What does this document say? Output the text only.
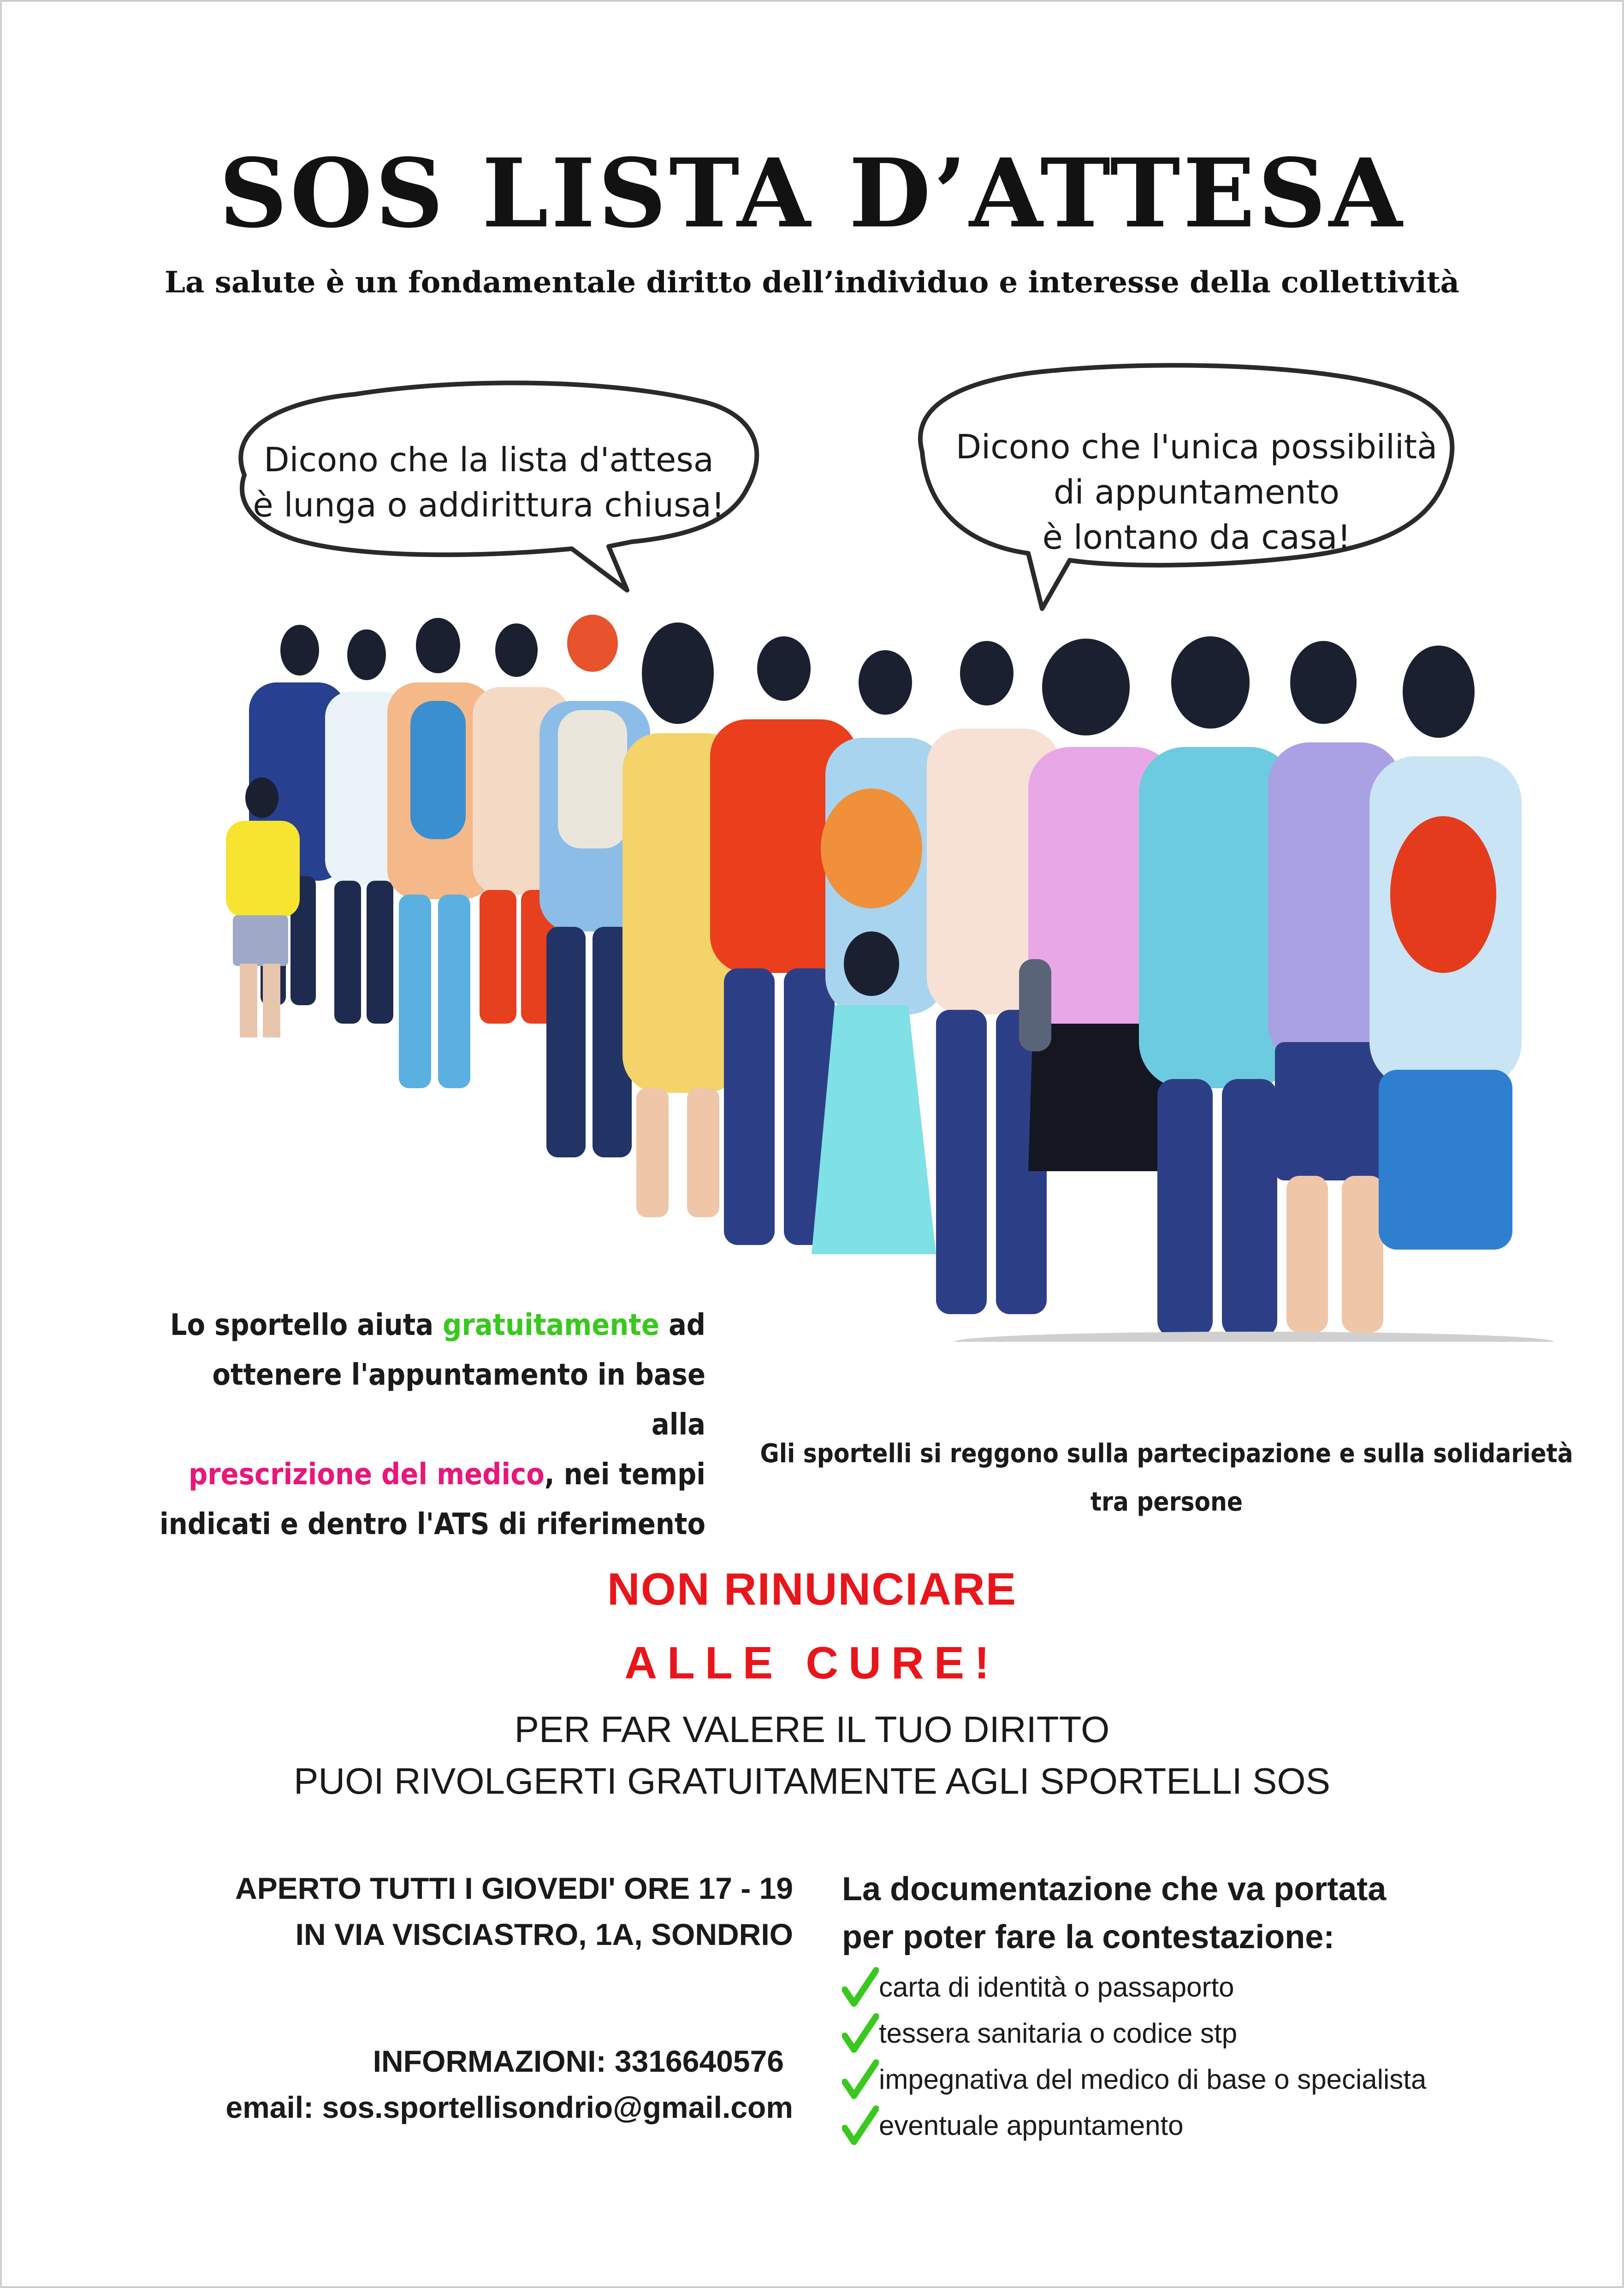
SOS LISTA D’ATTESA
La salute è un fondamentale diritto dell’individuo e interesse della collettività
Dicono che la lista d'attesa
è lunga o addirittura chiusa!
Dicono che l'unica possibilità
di appuntamento
è lontano da casa!
Lo sportello aiuta gratuitamente ad
ottenere l'appuntamento in base alla
prescrizione del medico, nei tempi
indicati e dentro l'ATS di riferimento
Gli sportelli si reggono sulla partecipazione e sulla solidarietà
tra persone
NON RINUNCIARE
ALLE CURE!
PER FAR VALERE IL TUO DIRITTO
PUOI RIVOLGERTI GRATUITAMENTE AGLI SPORTELLI SOS
APERTO TUTTI I GIOVEDI' ORE 17 - 19
IN VIA VISCIASTRO, 1A, SONDRIO
INFORMAZIONI: 3316640576
email: sos.sportellisondrio@gmail.com
La documentazione che va portata
per poter fare la contestazione:
carta di identità o passaporto
tessera sanitaria o codice stp
impegnativa del medico di base o specialista
eventuale appuntamento
